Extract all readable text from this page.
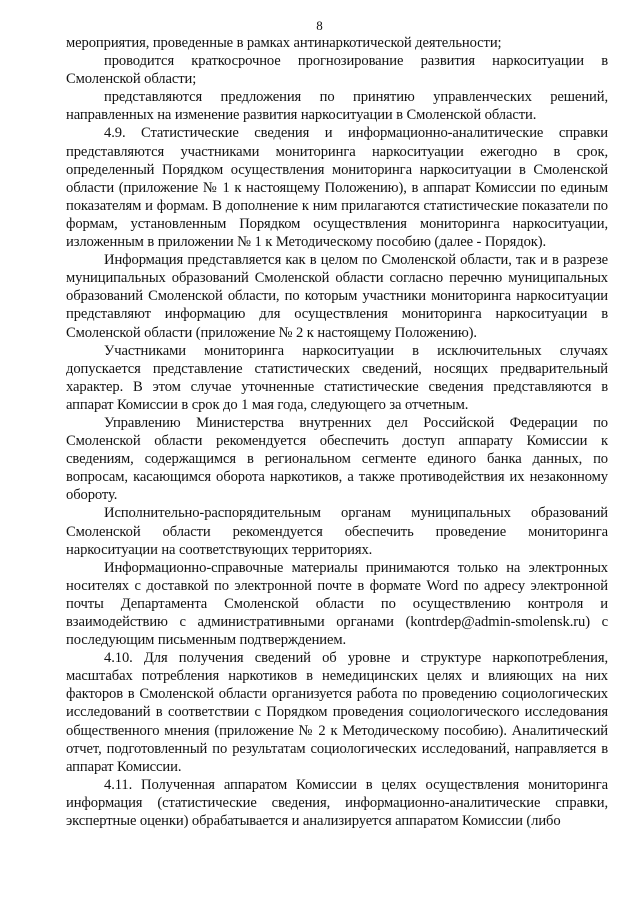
8

мероприятия, проведенные в рамках антинаркотической деятельности;

проводится краткосрочное прогнозирование развития наркоситуации в Смоленской области;

представляются предложения по принятию управленческих решений, направленных на изменение развития наркоситуации в Смоленской области.

4.9. Статистические сведения и информационно-аналитические справки представляются участниками мониторинга наркоситуации ежегодно в срок, определенный Порядком осуществления мониторинга наркоситуации в Смоленской области (приложение № 1 к настоящему Положению), в аппарат Комиссии по единым показателям и формам. В дополнение к ним прилагаются статистические показатели по формам, установленным Порядком осуществления мониторинга наркоситуации, изложенным в приложении № 1 к Методическому пособию (далее - Порядок).

Информация представляется как в целом по Смоленской области, так и в разрезе муниципальных образований Смоленской области согласно перечню муниципальных образований Смоленской области, по которым участники мониторинга наркоситуации представляют информацию для осуществления мониторинга наркоситуации в Смоленской области (приложение № 2 к настоящему Положению).

Участниками мониторинга наркоситуации в исключительных случаях допускается представление статистических сведений, носящих предварительный характер. В этом случае уточненные статистические сведения представляются в аппарат Комиссии в срок до 1 мая года, следующего за отчетным.

Управлению Министерства внутренних дел Российской Федерации по Смоленской области рекомендуется обеспечить доступ аппарату Комиссии к сведениям, содержащимся в региональном сегменте единого банка данных, по вопросам, касающимся оборота наркотиков, а также противодействия их незаконному обороту.

Исполнительно-распорядительным органам муниципальных образований Смоленской области рекомендуется обеспечить проведение мониторинга наркоситуации на соответствующих территориях.

Информационно-справочные материалы принимаются только на электронных носителях с доставкой по электронной почте в формате Word по адресу электронной почты Департамента Смоленской области по осуществлению контроля и взаимодействию с административными органами (kontrdep@admin-smolensk.ru) с последующим письменным подтверждением.

4.10. Для получения сведений об уровне и структуре наркопотребления, масштабах потребления наркотиков в немедицинских целях и влияющих на них факторов в Смоленской области организуется работа по проведению социологических исследований в соответствии с Порядком проведения социологического исследования общественного мнения (приложение № 2 к Методическому пособию). Аналитический отчет, подготовленный по результатам социологических исследований, направляется в аппарат Комиссии.

4.11. Полученная аппаратом Комиссии в целях осуществления мониторинга информация (статистические сведения, информационно-аналитические справки, экспертные оценки) обрабатывается и анализируется аппаратом Комиссии (либо
